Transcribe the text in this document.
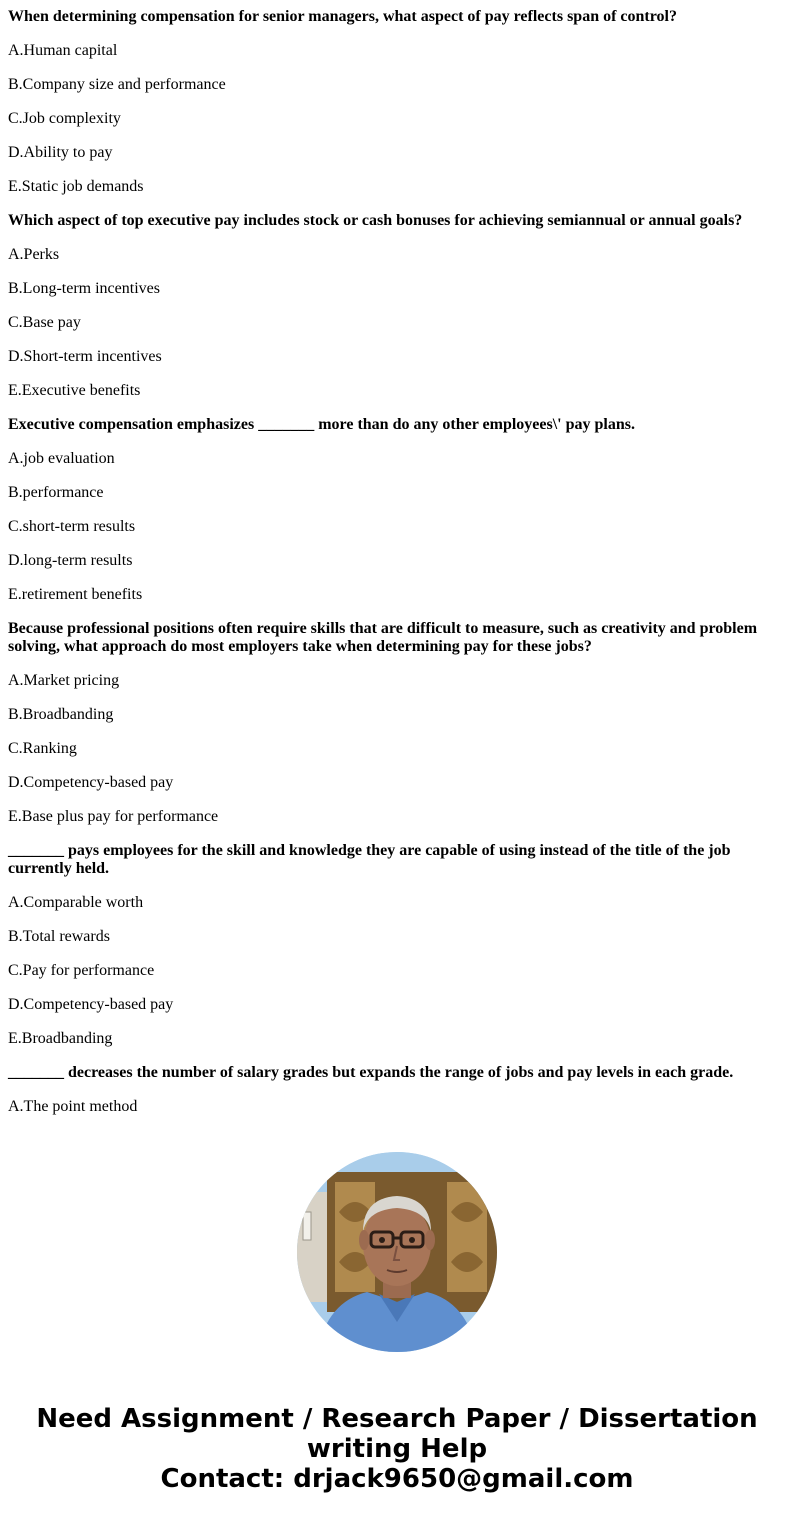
When determining compensation for senior managers, what aspect of pay reflects span of control?

A.Human capital

B.Company size and performance

C.Job complexity

D.Ability to pay

E.Static job demands

Which aspect of top executive pay includes stock or cash bonuses for achieving semiannual or annual goals?

A.Perks

B.Long-term incentives

C.Base pay

D.Short-term incentives

E.Executive benefits

Executive compensation emphasizes _______ more than do any other employees\' pay plans.

A.job evaluation

B.performance

C.short-term results

D.long-term results

E.retirement benefits

Because professional positions often require skills that are difficult to measure, such as creativity and problem solving, what approach do most employers take when determining pay for these jobs?

A.Market pricing

B.Broadbanding

C.Ranking

D.Competency-based pay

E.Base plus pay for performance

_______ pays employees for the skill and knowledge they are capable of using instead of the title of the job currently held.

A.Comparable worth

B.Total rewards

C.Pay for performance

D.Competency-based pay

E.Broadbanding

_______ decreases the number of salary grades but expands the range of jobs and pay levels in each grade.

A.The point method

Need Assignment / Research Paper / Dissertation writing Help
Contact: drjack9650@gmail.com
